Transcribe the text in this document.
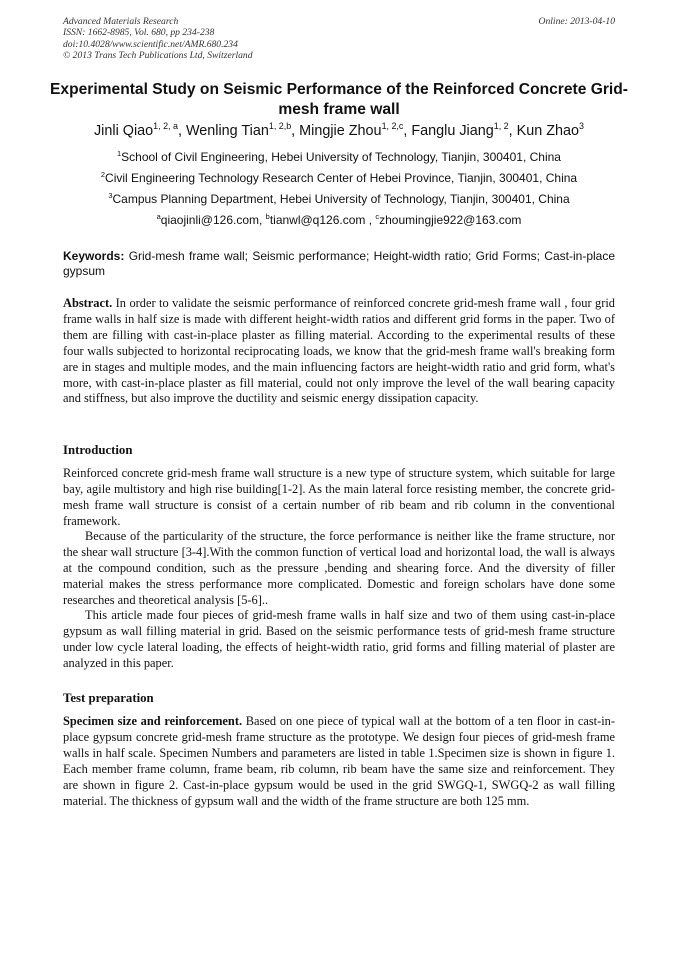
Advanced Materials Research
ISSN: 1662-8985, Vol. 680, pp 234-238
doi:10.4028/www.scientific.net/AMR.680.234
© 2013 Trans Tech Publications Ltd, Switzerland
Online: 2013-04-10
Experimental Study on Seismic Performance of the Reinforced Concrete Grid-mesh frame wall
Jinli Qiao$^{1, 2, a}$, Wenling Tian$^{1, 2,b}$, Mingjie Zhou$^{1, 2,c}$, Fanglu Jiang$^{1, 2}$, Kun Zhao$^3$
$^1$School of Civil Engineering, Hebei University of Technology, Tianjin, 300401, China
$^2$Civil Engineering Technology Research Center of Hebei Province, Tianjin, 300401, China
$^3$Campus Planning Department, Hebei University of Technology, Tianjin, 300401, China
$^a$qiaojinli@126.com, $^b$tianwl@q126.com , $^c$zhoumingjie922@163.com

Keywords: Grid-mesh frame wall; Seismic performance; Height-width ratio; Grid Forms; Cast-in-place gypsum

Abstract. In order to validate the seismic performance of reinforced concrete grid-mesh frame wall , four grid frame walls in half size is made with different height-width ratios and different grid forms in the paper. Two of them are filling with cast-in-place plaster as filling material. According to the experimental results of these four walls subjected to horizontal reciprocating loads, we know that the grid-mesh frame wall's breaking form are in stages and multiple modes, and the main influencing factors are height-width ratio and grid form, what's more, with cast-in-place plaster as fill material, could not only improve the level of the wall bearing capacity and stiffness, but also improve the ductility and seismic energy dissipation capacity.

Introduction

Reinforced concrete grid-mesh frame wall structure is a new type of structure system, which suitable for large bay, agile multistory and high rise building[1-2]. As the main lateral force resisting member, the concrete grid-mesh frame wall structure is consist of a certain number of rib beam and rib column in the conventional framework.

Because of the particularity of the structure, the force performance is neither like the frame structure, nor the shear wall structure [3-4].With the common function of vertical load and horizontal load, the wall is always at the compound condition, such as the pressure ,bending and shearing force. And the diversity of filler material makes the stress performance more complicated. Domestic and foreign scholars have done some researches and theoretical analysis [5-6]..

This article made four pieces of grid-mesh frame walls in half size and two of them using cast-in-place gypsum as wall filling material in grid. Based on the seismic performance tests of grid-mesh frame structure under low cycle lateral loading, the effects of height-width ratio, grid forms and filling material of plaster are analyzed in this paper.

Test preparation

Specimen size and reinforcement. Based on one piece of typical wall at the bottom of a ten floor in cast-in-place gypsum concrete grid-mesh frame structure as the prototype. We design four pieces of grid-mesh frame walls in half scale. Specimen Numbers and parameters are listed in table 1.Specimen size is shown in figure 1. Each member frame column, frame beam, rib column, rib beam have the same size and reinforcement. They are shown in figure 2. Cast-in-place gypsum would be used in the grid SWGQ-1, SWGQ-2 as wall filling material. The thickness of gypsum wall and the width of the frame structure are both 125 mm.
